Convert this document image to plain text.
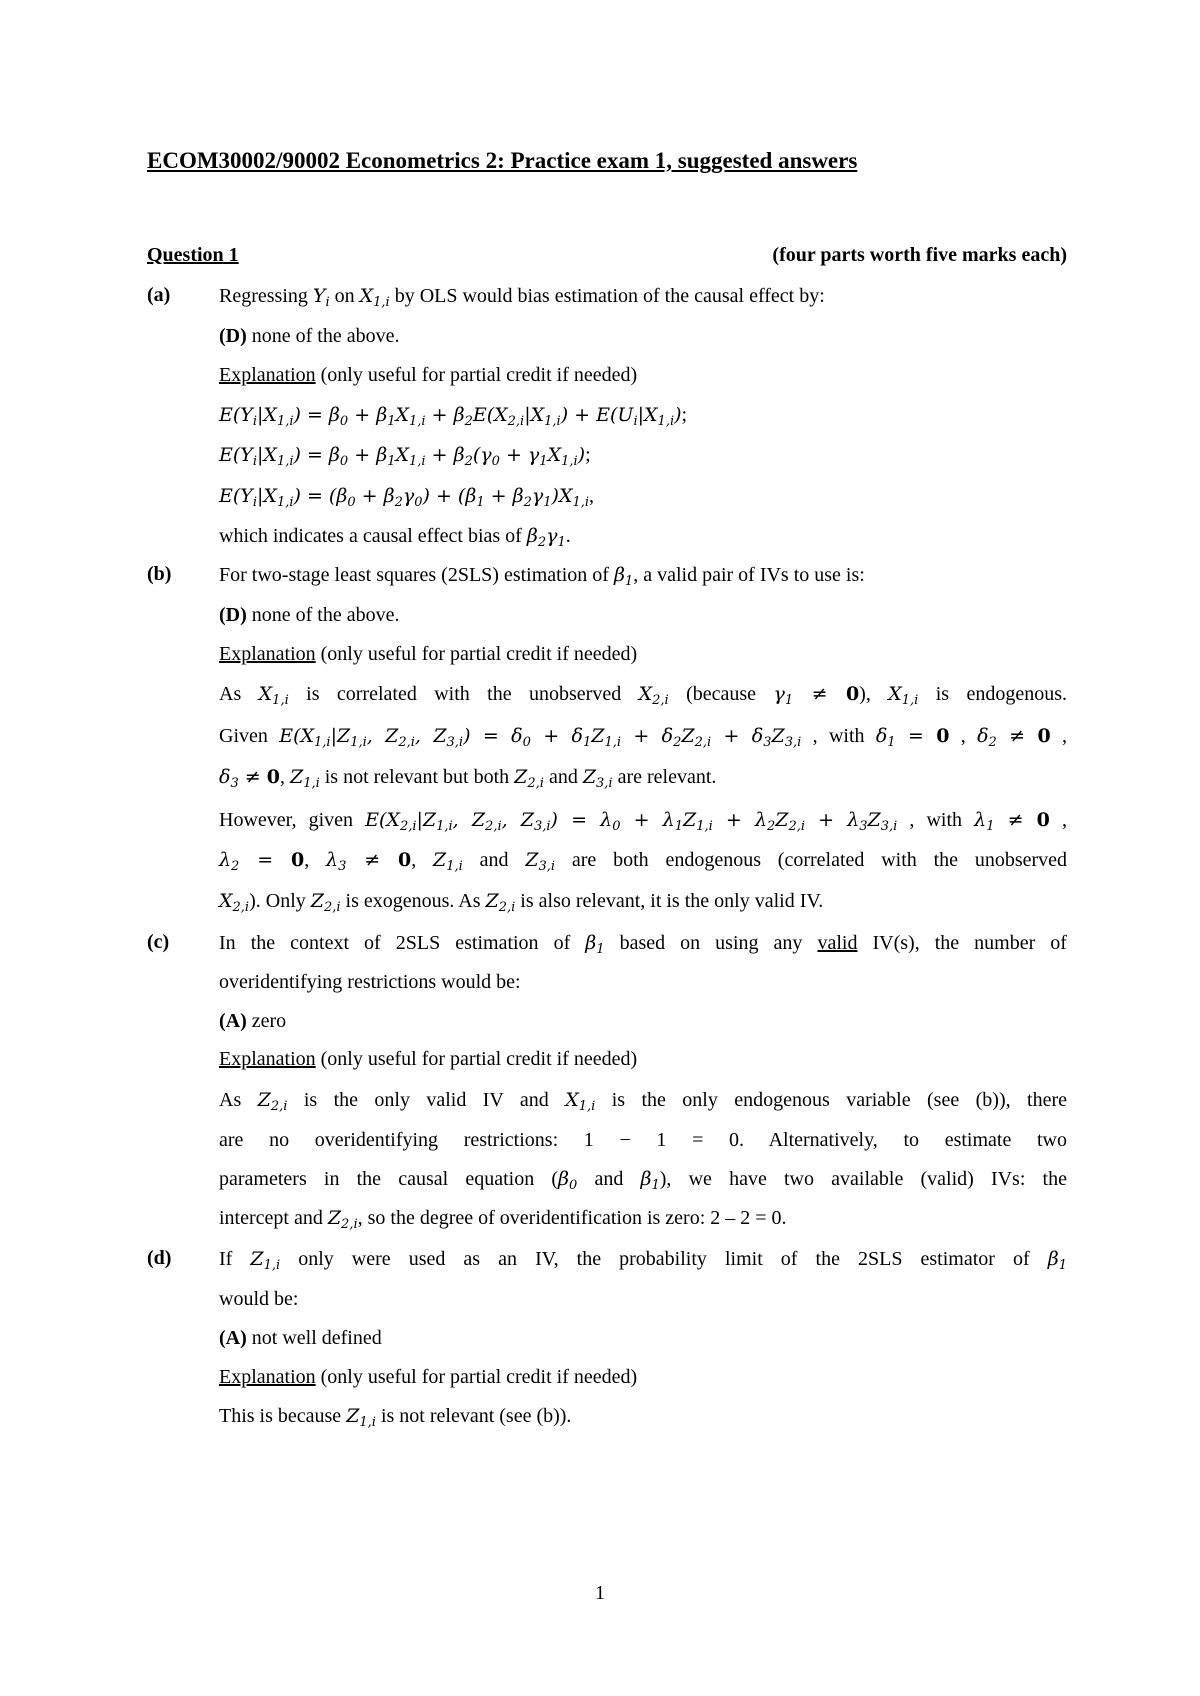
ECOM30002/90002 Econometrics 2: Practice exam 1, suggested answers
Question 1	(four parts worth five marks each)
(a) Regressing $Y_i$ on $X_{1,i}$ by OLS would bias estimation of the causal effect by:
(D) none of the above.
Explanation (only useful for partial credit if needed)
$E(Y_i|X_{1,i}) = \beta_0 + \beta_1X_{1,i} + \beta_2E(X_{2,i}|X_{1,i}) + E(U_i|X_{1,i})$;
$E(Y_i|X_{1,i}) = \beta_0 + \beta_1X_{1,i} + \beta_2(\gamma_0 + \gamma_1X_{1,i})$;
$E(Y_i|X_{1,i}) = (\beta_0 + \beta_2\gamma_0) + (\beta_1 + \beta_2\gamma_1)X_{1,i}$,
which indicates a causal effect bias of $\beta_2\gamma_1$.
(b) For two-stage least squares (2SLS) estimation of $\beta_1$, a valid pair of IVs to use is:
(D) none of the above.
Explanation (only useful for partial credit if needed)
As $X_{1,i}$ is correlated with the unobserved $X_{2,i}$ (because $\gamma_1 \ne 0$), $X_{1,i}$ is endogenous.
Given $E(X_{1,i}|Z_{1,i}$, $Z_{2,i}$, $Z_{3,i}) = \delta_0 + \delta_1Z_{1,i} + \delta_2Z_{2,i} + \delta_3Z_{3,i}$ , with $\delta_1 = 0$ , $\delta_2 \ne 0$ ,
$\delta_3 \ne 0$, $Z_{1,i}$ is not relevant but both $Z_{2,i}$ and $Z_{3,i}$ are relevant.
However, given $E(X_{2,i}|Z_{1,i}$, $Z_{2,i}$, $Z_{3,i}) = \lambda_0 + \lambda_1Z_{1,i} + \lambda_2Z_{2,i} + \lambda_3Z_{3,i}$ , with $\lambda_1 \ne 0$ ,
$\lambda_2 = 0$, $\lambda_3 \ne 0$, $Z_{1,i}$ and $Z_{3,i}$ are both endogenous (correlated with the unobserved
$X_{2,i}$). Only $Z_{2,i}$ is exogenous. As $Z_{2,i}$ is also relevant, it is the only valid IV.
(c) In the context of 2SLS estimation of $\beta_1$ based on using any valid IV(s), the number of
overidentifying restrictions would be:
(A) zero
Explanation (only useful for partial credit if needed)
As $Z_{2,i}$ is the only valid IV and $X_{1,i}$ is the only endogenous variable (see (b)), there
are no overidentifying restrictions: 1 − 1 = 0. Alternatively, to estimate two
parameters in the causal equation ($\beta_0$ and $\beta_1$), we have two available (valid) IVs: the
intercept and $Z_{2,i}$, so the degree of overidentification is zero: 2 – 2 = 0.
(d) If $Z_{1,i}$ only were used as an IV, the probability limit of the 2SLS estimator of $\beta_1$
would be:
(A) not well defined
Explanation (only useful for partial credit if needed)
This is because $Z_{1,i}$ is not relevant (see (b)).
1
